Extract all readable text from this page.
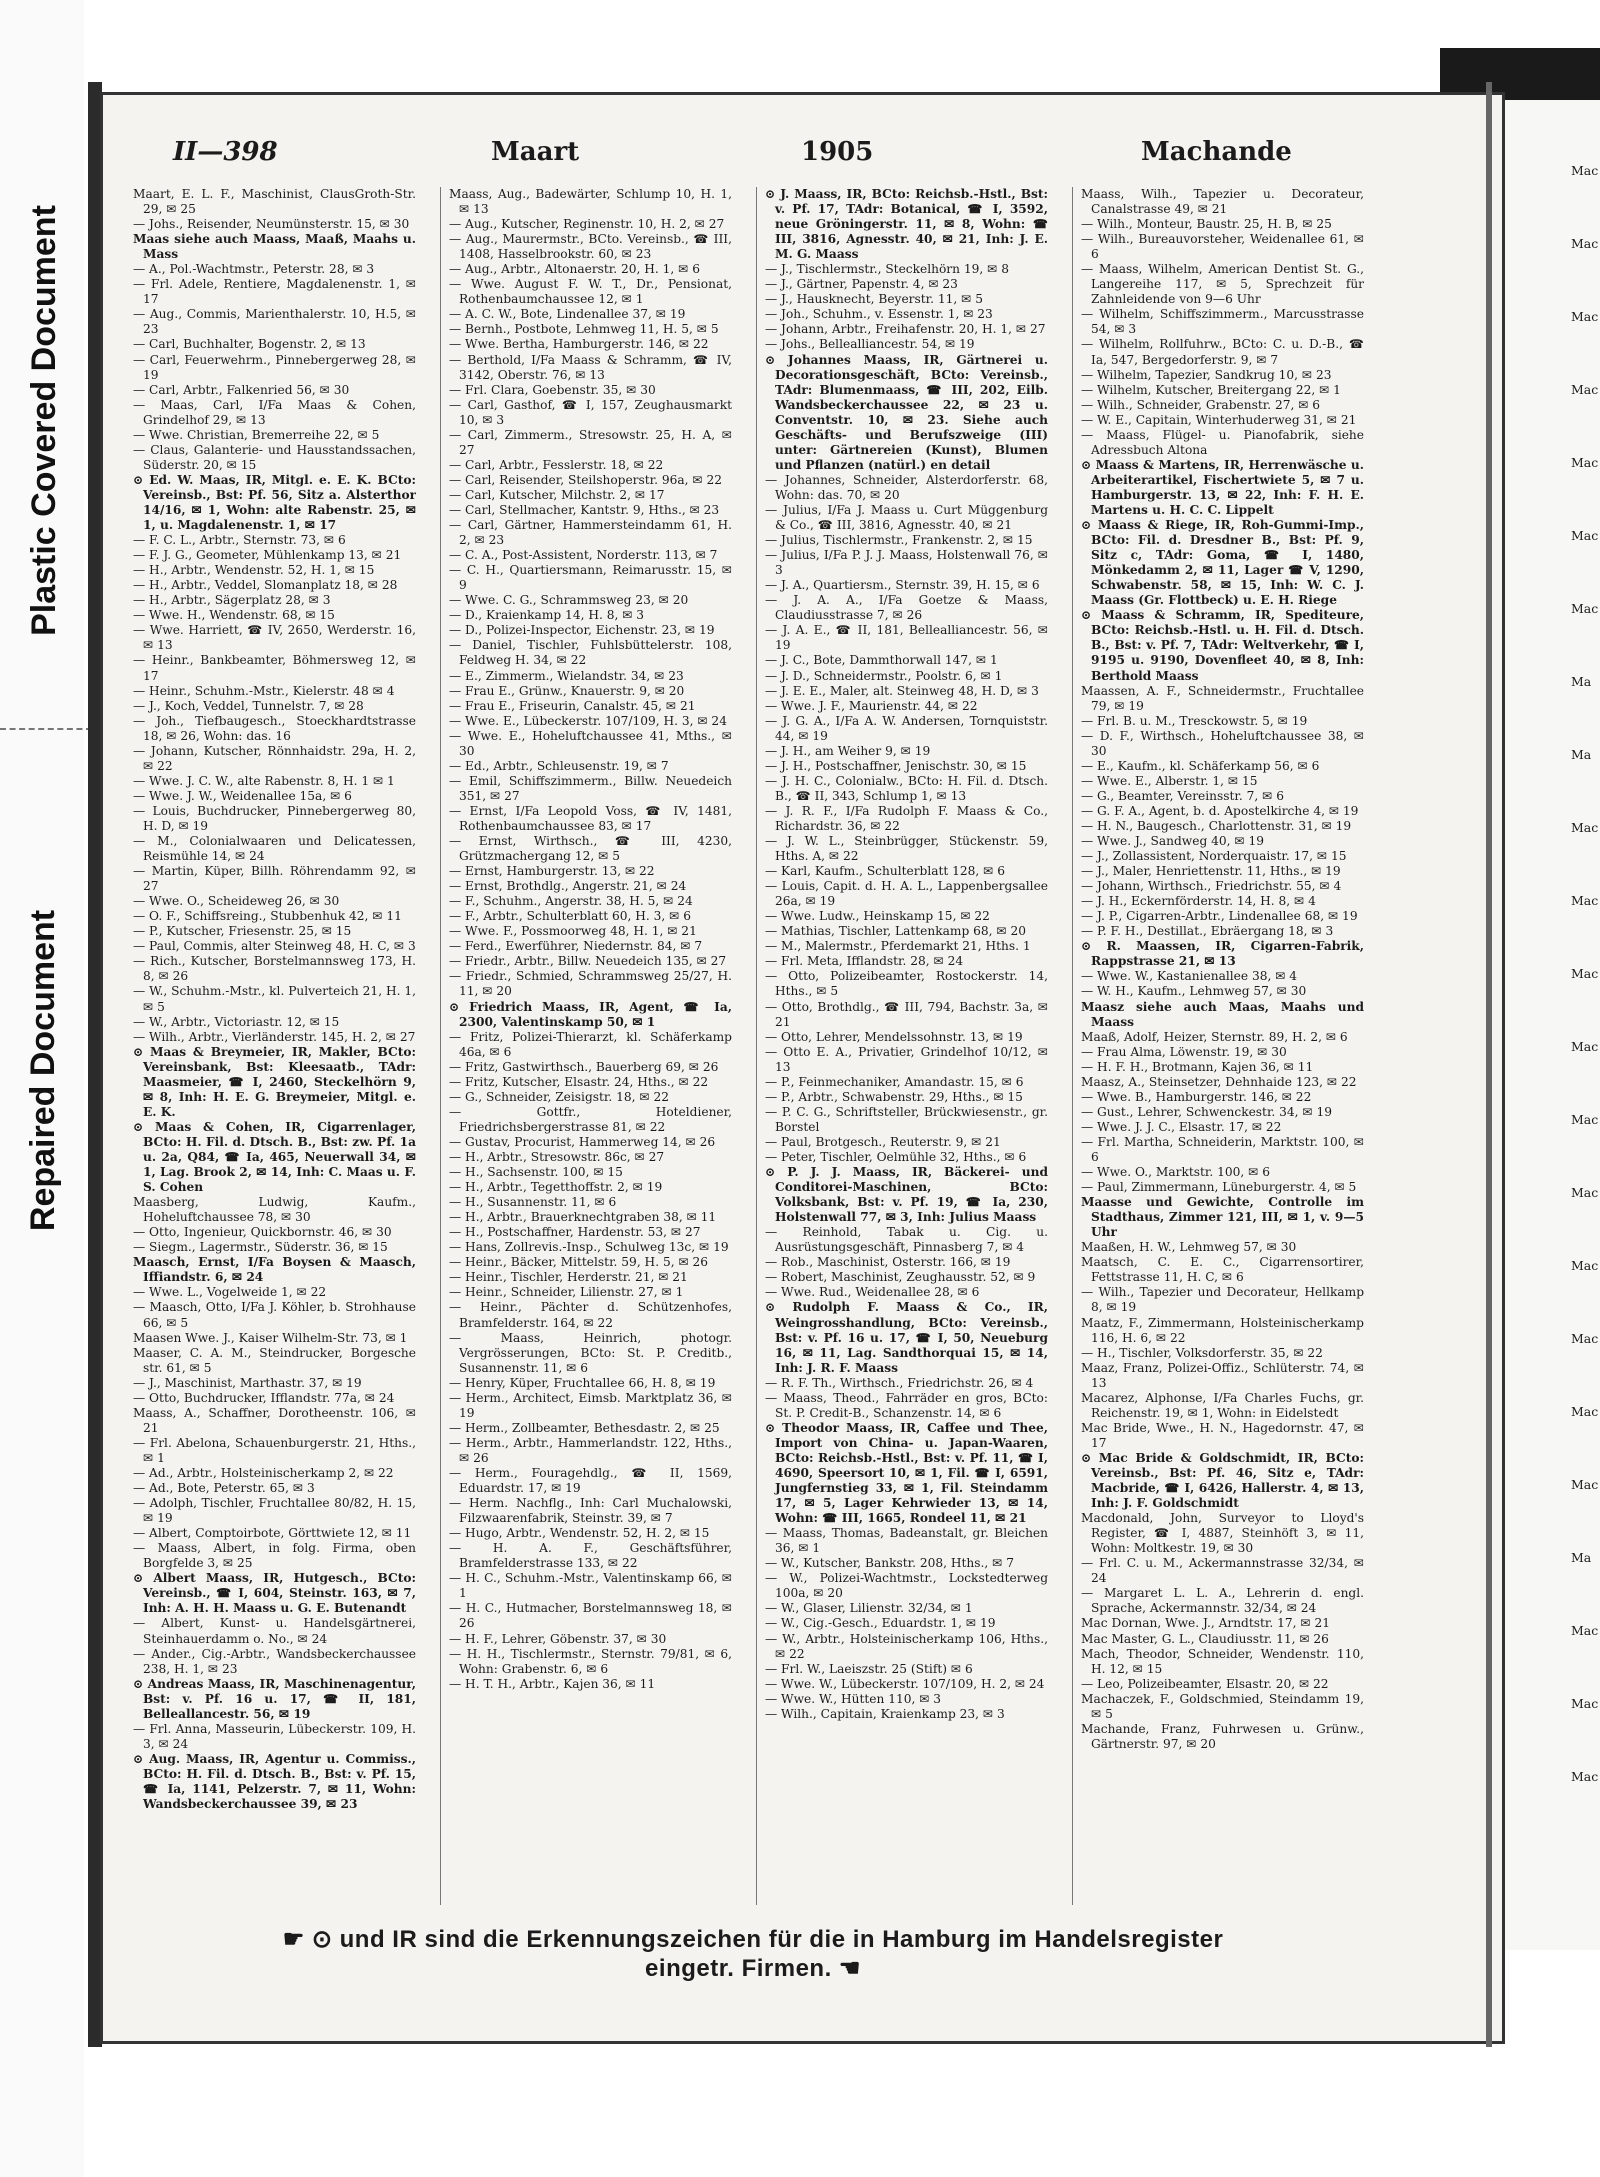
Plastic Covered Document
Repaired Document
II—398	Maart	1905	Machande

Maart, E. L. F., Maschinist, ClausGroth-Str. 29, ✉ 25

— Johs., Reisender, Neumünsterstr. 15, ✉ 30

Maas siehe auch Maass, Maaß, Maahs u. Mass

— A., Pol.-Wachtmstr., Peterstr. 28, ✉ 3

— Frl. Adele, Rentiere, Magdalenenstr. 1, ✉ 17

— Aug., Commis, Marienthalerstr. 10, H.5, ✉ 23

— Carl, Buchhalter, Bogenstr. 2, ✉ 13

— Carl, Feuerwehrm., Pinnebergerweg 28, ✉ 19

— Carl, Arbtr., Falkenried 56, ✉ 30

— Maas, Carl, I/Fa Maas & Cohen, Grindelhof 29, ✉ 13

— Wwe. Christian, Bremerreihe 22, ✉ 5

— Claus, Galanterie- und Hausstandssachen, Süderstr. 20, ✉ 15

⊙ Ed. W. Maas, IR, Mitgl. e. E. K. BCto: Vereinsb., Bst: Pf. 56, Sitz a. Alsterthor 14/16, ✉ 1, Wohn: alte Rabenstr. 25, ✉ 1, u. Magdalenenstr. 1, ✉ 17

— F. C. L., Arbtr., Sternstr. 73, ✉ 6

— F. J. G., Geometer, Mühlenkamp 13, ✉ 21

— H., Arbtr., Wendenstr. 52, H. 1, ✉ 15

— H., Arbtr., Veddel, Slomanplatz 18, ✉ 28

— H., Arbtr., Sägerplatz 28, ✉ 3

— Wwe. H., Wendenstr. 68, ✉ 15

— Wwe. Harriett, ☎ IV, 2650, Werderstr. 16, ✉ 13

— Heinr., Bankbeamter, Böhmersweg 12, ✉ 17

— Heinr., Schuhm.-Mstr., Kielerstr. 48 ✉ 4

— J., Koch, Veddel, Tunnelstr. 7, ✉ 28

— Joh., Tiefbaugesch., Stoeckhardtstrasse 18, ✉ 26, Wohn: das. 16

— Johann, Kutscher, Rönnhaidstr. 29a, H. 2, ✉ 22

— Wwe. J. C. W., alte Rabenstr. 8, H. 1 ✉ 1

— Wwe. J. W., Weidenallee 15a, ✉ 6

— Louis, Buchdrucker, Pinnebergerweg 80, H. D, ✉ 19

— M., Colonialwaaren und Delicatessen, Reismühle 14, ✉ 24

— Martin, Küper, Billh. Röhrendamm 92, ✉ 27

— Wwe. O., Scheideweg 26, ✉ 30

— O. F., Schiffsreing., Stubbenhuk 42, ✉ 11

— P., Kutscher, Friesenstr. 25, ✉ 15

— Paul, Commis, alter Steinweg 48, H. C, ✉ 3

— Rich., Kutscher, Borstelmannsweg 173, H. 8, ✉ 26

— W., Schuhm.-Mstr., kl. Pulverteich 21, H. 1, ✉ 5

— W., Arbtr., Victoriastr. 12, ✉ 15

— Wilh., Arbtr., Vierländerstr. 145, H. 2, ✉ 27

⊙ Maas & Breymeier, IR, Makler, BCto: Vereinsbank, Bst: Kleesaatb., TAdr: Maasmeier, ☎ I, 2460, Steckelhörn 9, ✉ 8, Inh: H. E. G. Breymeier, Mitgl. e. E. K.

⊙ Maas & Cohen, IR, Cigarrenlager, BCto: H. Fil. d. Dtsch. B., Bst: zw. Pf. 1a u. 2a, Q84, ☎ Ia, 465, Neuerwall 34, ✉ 1, Lag. Brook 2, ✉ 14, Inh: C. Maas u. F. S. Cohen

Maasberg, Ludwig, Kaufm., Hoheluftchaussee 78, ✉ 30

— Otto, Ingenieur, Quickbornstr. 46, ✉ 30

— Siegm., Lagermstr., Süderstr. 36, ✉ 15

Maasch, Ernst, I/Fa Boysen & Maasch, Iffiandstr. 6, ✉ 24

— Wwe. L., Vogelweide 1, ✉ 22

— Maasch, Otto, I/Fa J. Köhler, b. Strohhause 66, ✉ 5

Maasen Wwe. J., Kaiser Wilhelm-Str. 73, ✉ 1

Maaser, C. A. M., Steindrucker, Borgesche str. 61, ✉ 5

— J., Maschinist, Marthastr. 37, ✉ 19

— Otto, Buchdrucker, Ifflandstr. 77a, ✉ 24

Maass, A., Schaffner, Dorotheenstr. 106, ✉ 21

— Frl. Abelona, Schauenburgerstr. 21, Hths., ✉ 1

— Ad., Arbtr., Holsteinischerkamp 2, ✉ 22

— Ad., Bote, Peterstr. 65, ✉ 3

— Adolph, Tischler, Fruchtallee 80/82, H. 15, ✉ 19

— Albert, Comptoirbote, Görttwiete 12, ✉ 11

— Maass, Albert, in folg. Firma, oben Borgfelde 3, ✉ 25

⊙ Albert Maass, IR, Hutgesch., BCto: Vereinsb., ☎ I, 604, Steinstr. 163, ✉ 7, Inh: A. H. H. Maass u. G. E. Butenandt

— Albert, Kunst- u. Handelsgärtnerei, Steinhauerdamm o. No., ✉ 24

— Ander., Cig.-Arbtr., Wandsbeckerchaussee 238, H. 1, ✉ 23

⊙ Andreas Maass, IR, Maschinenagentur, Bst: v. Pf. 16 u. 17, ☎ II, 181, Belleallancestr. 56, ✉ 19

— Frl. Anna, Masseurin, Lübeckerstr. 109, H. 3, ✉ 24

⊙ Aug. Maass, IR, Agentur u. Commiss., BCto: H. Fil. d. Dtsch. B., Bst: v. Pf. 15, ☎ Ia, 1141, Pelzerstr. 7, ✉ 11, Wohn: Wandsbeckerchaussee 39, ✉ 23

Maass, Aug., Badewärter, Schlump 10, H. 1, ✉ 13

— Aug., Kutscher, Reginenstr. 10, H. 2, ✉ 27

— Aug., Maurermstr., BCto. Vereinsb., ☎ III, 1408, Hasselbrookstr. 60, ✉ 23

— Aug., Arbtr., Altonaerstr. 20, H. 1, ✉ 6

— Wwe. August F. W. T., Dr., Pensionat, Rothenbaumchaussee 12, ✉ 1

— A. C. W., Bote, Lindenallee 37, ✉ 19

— Bernh., Postbote, Lehmweg 11, H. 5, ✉ 5

— Wwe. Bertha, Hamburgerstr. 146, ✉ 22

— Berthold, I/Fa Maass & Schramm, ☎ IV, 3142, Oberstr. 76, ✉ 13

— Frl. Clara, Goebenstr. 35, ✉ 30

— Carl, Gasthof, ☎ I, 157, Zeughausmarkt 10, ✉ 3

— Carl, Zimmerm., Stresowstr. 25, H. A, ✉ 27

— Carl, Arbtr., Fesslerstr. 18, ✉ 22

— Carl, Reisender, Steilshoperstr. 96a, ✉ 22

— Carl, Kutscher, Milchstr. 2, ✉ 17

— Carl, Stellmacher, Kantstr. 9, Hths., ✉ 23

— Carl, Gärtner, Hammersteindamm 61, H. 2, ✉ 23

— C. A., Post-Assistent, Norderstr. 113, ✉ 7

— C. H., Quartiersmann, Reimarusstr. 15, ✉ 9

— Wwe. C. G., Schrammsweg 23, ✉ 20

— D., Kraienkamp 14, H. 8, ✉ 3

— D., Polizei-Inspector, Eichenstr. 23, ✉ 19

— Daniel, Tischler, Fuhlsbüttelerstr. 108, Feldweg H. 34, ✉ 22

— E., Zimmerm., Wielandstr. 34, ✉ 23

— Frau E., Grünw., Knauerstr. 9, ✉ 20

— Frau E., Friseurin, Canalstr. 45, ✉ 21

— Wwe. E., Lübeckerstr. 107/109, H. 3, ✉ 24

— Wwe. E., Hoheluftchaussee 41, Mths., ✉ 30

— Ed., Arbtr., Schleusenstr. 19, ✉ 7

— Emil, Schiffszimmerm., Billw. Neuedeich 351, ✉ 27

— Ernst, I/Fa Leopold Voss, ☎ IV, 1481, Rothenbaumchaussee 83, ✉ 17

— Ernst, Wirthsch., ☎ III, 4230, Grützmachergang 12, ✉ 5

— Ernst, Hamburgerstr. 13, ✉ 22

— Ernst, Brothdlg., Angerstr. 21, ✉ 24

— F., Schuhm., Angerstr. 38, H. 5, ✉ 24

— F., Arbtr., Schulterblatt 60, H. 3, ✉ 6

— Wwe. F., Possmoorweg 48, H. 1, ✉ 21

— Ferd., Ewerführer, Niedernstr. 84, ✉ 7

— Friedr., Arbtr., Billw. Neuedeich 135, ✉ 27

— Friedr., Schmied, Schrammsweg 25/27, H. 11, ✉ 20

⊙ Friedrich Maass, IR, Agent, ☎ Ia, 2300, Valentinskamp 50, ✉ 1

— Fritz, Polizei-Thierarzt, kl. Schäferkamp 46a, ✉ 6

— Fritz, Gastwirthsch., Bauerberg 69, ✉ 26

— Fritz, Kutscher, Elsastr. 24, Hths., ✉ 22

— G., Schneider, Zeisigstr. 18, ✉ 22

— Gottfr., Hoteldiener, Friedrichsbergerstrasse 81, ✉ 22

— Gustav, Procurist, Hammerweg 14, ✉ 26

— H., Arbtr., Stresowstr. 86c, ✉ 27

— H., Sachsenstr. 100, ✉ 15

— H., Arbtr., Tegetthoffstr. 2, ✉ 19

— H., Susannenstr. 11, ✉ 6

— H., Arbtr., Brauerknechtgraben 38, ✉ 11

— H., Postschaffner, Hardenstr. 53, ✉ 27

— Hans, Zollrevis.-Insp., Schulweg 13c, ✉ 19

— Heinr., Bäcker, Mittelstr. 59, H. 5, ✉ 26

— Heinr., Tischler, Herderstr. 21, ✉ 21

— Heinr., Schneider, Lilienstr. 27, ✉ 1

— Heinr., Pächter d. Schützenhofes, Bramfelderstr. 164, ✉ 22

— Maass, Heinrich, photogr. Vergrösserungen, BCto: St. P. Creditb., Susannenstr. 11, ✉ 6

— Henry, Küper, Fruchtallee 66, H. 8, ✉ 19

— Herm., Architect, Eimsb. Marktplatz 36, ✉ 19

— Herm., Zollbeamter, Bethesdastr. 2, ✉ 25

— Herm., Arbtr., Hammerlandstr. 122, Hths., ✉ 26

— Herm., Fouragehdlg., ☎ II, 1569, Eduardstr. 17, ✉ 19

— Herm. Nachflg., Inh: Carl Muchalowski, Filzwaarenfabrik, Steinstr. 39, ✉ 7

— Hugo, Arbtr., Wendenstr. 52, H. 2, ✉ 15

— H. A. F., Geschäftsführer, Bramfelderstrasse 133, ✉ 22

— H. C., Schuhm.-Mstr., Valentinskamp 66, ✉ 1

— H. C., Hutmacher, Borstelmannsweg 18, ✉ 26

— H. F., Lehrer, Göbenstr. 37, ✉ 30

— H. H., Tischlermstr., Sternstr. 79/81, ✉ 6, Wohn: Grabenstr. 6, ✉ 6

— H. T. H., Arbtr., Kajen 36, ✉ 11

⊙ J. Maass, IR, BCto: Reichsb.-Hstl., Bst: v. Pf. 17, TAdr: Botanical, ☎ I, 3592, neue Gröningerstr. 11, ✉ 8, Wohn: ☎ III, 3816, Agnesstr. 40, ✉ 21, Inh: J. E. M. G. Maass

— J., Tischlermstr., Steckelhörn 19, ✉ 8

— J., Gärtner, Papenstr. 4, ✉ 23

— J., Hausknecht, Beyerstr. 11, ✉ 5

— Joh., Schuhm., v. Essenstr. 1, ✉ 23

— Johann, Arbtr., Freihafenstr. 20, H. 1, ✉ 27

— Johs., Bellealliancestr. 54, ✉ 19

⊙ Johannes Maass, IR, Gärtnerei u. Decorationsgeschäft, BCto: Vereinsb., TAdr: Blumenmaass, ☎ III, 202, Eilb. Wandsbeckerchaussee 22, ✉ 23 u. Conventstr. 10, ✉ 23. Siehe auch Geschäfts- und Berufszweige (III) unter: Gärtnereien (Kunst), Blumen und Pflanzen (natürl.) en detail

— Johannes, Schneider, Alsterdorferstr. 68, Wohn: das. 70, ✉ 20

— Julius, I/Fa J. Maass u. Curt Müggenburg & Co., ☎ III, 3816, Agnesstr. 40, ✉ 21

— Julius, Tischlermstr., Frankenstr. 2, ✉ 15

— Julius, I/Fa P. J. J. Maass, Holstenwall 76, ✉ 3

— J. A., Quartiersm., Sternstr. 39, H. 15, ✉ 6

— J. A. A., I/Fa Goetze & Maass, Claudiusstrasse 7, ✉ 26

— J. A. E., ☎ II, 181, Bellealliancestr. 56, ✉ 19

— J. C., Bote, Dammthorwall 147, ✉ 1

— J. D., Schneidermstr., Poolstr. 6, ✉ 1

— J. E. E., Maler, alt. Steinweg 48, H. D, ✉ 3

— Wwe. J. F., Maurienstr. 44, ✉ 22

— J. G. A., I/Fa A. W. Andersen, Tornquiststr. 44, ✉ 19

— J. H., am Weiher 9, ✉ 19

— J. H., Postschaffner, Jenischstr. 30, ✉ 15

— J. H. C., Colonialw., BCto: H. Fil. d. Dtsch. B., ☎ II, 343, Schlump 1, ✉ 13

— J. R. F., I/Fa Rudolph F. Maass & Co., Richardstr. 36, ✉ 22

— J. W. L., Steinbrügger, Stückenstr. 59, Hths. A, ✉ 22

— Karl, Kaufm., Schulterblatt 128, ✉ 6

— Louis, Capit. d. H. A. L., Lappenbergsallee 26a, ✉ 19

— Wwe. Ludw., Heinskamp 15, ✉ 22

— Mathias, Tischler, Lattenkamp 68, ✉ 20

— M., Malermstr., Pferdemarkt 21, Hths. 1

— Frl. Meta, Ifflandstr. 28, ✉ 24

— Otto, Polizeibeamter, Rostockerstr. 14, Hths., ✉ 5

— Otto, Brothdlg., ☎ III, 794, Bachstr. 3a, ✉ 21

— Otto, Lehrer, Mendelssohnstr. 13, ✉ 19

— Otto E. A., Privatier, Grindelhof 10/12, ✉ 13

— P., Feinmechaniker, Amandastr. 15, ✉ 6

— P., Arbtr., Schwabenstr. 29, Hths., ✉ 15

— P. C. G., Schriftsteller, Brückwiesenstr., gr. Borstel

— Paul, Brotgesch., Reuterstr. 9, ✉ 21

— Peter, Tischler, Oelmühle 32, Hths., ✉ 6

⊙ P. J. J. Maass, IR, Bäckerei- und Conditorei-Maschinen, BCto: Volksbank, Bst: v. Pf. 19, ☎ Ia, 230, Holstenwall 77, ✉ 3, Inh: Julius Maass

— Reinhold, Tabak u. Cig. u. Ausrüstungsgeschäft, Pinnasberg 7, ✉ 4

— Rob., Maschinist, Osterstr. 166, ✉ 19

— Robert, Maschinist, Zeughausstr. 52, ✉ 9

— Wwe. Rud., Weidenallee 28, ✉ 6

⊙ Rudolph F. Maass & Co., IR, Weingrosshandlung, BCto: Vereinsb., Bst: v. Pf. 16 u. 17, ☎ I, 50, Neueburg 16, ✉ 11, Lag. Sandthorquai 15, ✉ 14, Inh: J. R. F. Maass

— R. F. Th., Wirthsch., Friedrichstr. 26, ✉ 4

— Maass, Theod., Fahrräder en gros, BCto: St. P. Credit-B., Schanzenstr. 14, ✉ 6

⊙ Theodor Maass, IR, Caffee und Thee, Import von China- u. Japan-Waaren, BCto: Reichsb.-Hstl., Bst: v. Pf. 11, ☎ I, 4690, Speersort 10, ✉ 1, Fil. ☎ I, 6591, Jungfernstieg 33, ✉ 1, Fil. Steindamm 17, ✉ 5, Lager Kehrwieder 13, ✉ 14, Wohn: ☎ III, 1665, Rondeel 11, ✉ 21

— Maass, Thomas, Badeanstalt, gr. Bleichen 36, ✉ 1

— W., Kutscher, Bankstr. 208, Hths., ✉ 7

— W., Polizei-Wachtmstr., Lockstedterweg 100a, ✉ 20

— W., Glaser, Lilienstr. 32/34, ✉ 1

— W., Cig.-Gesch., Eduardstr. 1, ✉ 19

— W., Arbtr., Holsteinischerkamp 106, Hths., ✉ 22

— Frl. W., Laeiszstr. 25 (Stift) ✉ 6

— Wwe. W., Lübeckerstr. 107/109, H. 2, ✉ 24

— Wwe. W., Hütten 110, ✉ 3

— Wilh., Capitain, Kraienkamp 23, ✉ 3

Maass, Wilh., Tapezier u. Decorateur, Canalstrasse 49, ✉ 21

— Wilh., Monteur, Baustr. 25, H. B, ✉ 25

— Wilh., Bureauvorsteher, Weidenallee 61, ✉ 6

— Maass, Wilhelm, American Dentist St. G., Langereihe 117, ✉ 5, Sprechzeit für Zahnleidende von 9—6 Uhr

— Wilhelm, Schiffszimmerm., Marcusstrasse 54, ✉ 3

— Wilhelm, Rollfuhrw., BCto: C. u. D.-B., ☎ Ia, 547, Bergedorferstr. 9, ✉ 7

— Wilhelm, Tapezier, Sandkrug 10, ✉ 23

— Wilhelm, Kutscher, Breitergang 22, ✉ 1

— Wilh., Schneider, Grabenstr. 27, ✉ 6

— W. E., Capitain, Winterhuderweg 31, ✉ 21

— Maass, Flügel- u. Pianofabrik, siehe Adressbuch Altona

⊙ Maass & Martens, IR, Herrenwäsche u. Arbeiterartikel, Fischertwiete 5, ✉ 7 u. Hamburgerstr. 13, ✉ 22, Inh: F. H. E. Martens u. H. C. C. Lippelt

⊙ Maass & Riege, IR, Roh-Gummi-Imp., BCto: Fil. d. Dresdner B., Bst: Pf. 9, Sitz c, TAdr: Goma, ☎ I, 1480, Mönkedamm 2, ✉ 11, Lager ☎ V, 1290, Schwabenstr. 58, ✉ 15, Inh: W. C. J. Maass (Gr. Flottbeck) u. E. H. Riege

⊙ Maass & Schramm, IR, Spediteure, BCto: Reichsb.-Hstl. u. H. Fil. d. Dtsch. B., Bst: v. Pf. 7, TAdr: Weltverkehr, ☎ I, 9195 u. 9190, Dovenfleet 40, ✉ 8, Inh: Berthold Maass

Maassen, A. F., Schneidermstr., Fruchtallee 79, ✉ 19

— Frl. B. u. M., Tresckowstr. 5, ✉ 19

— D. F., Wirthsch., Hoheluftchaussee 38, ✉ 30

— E., Kaufm., kl. Schäferkamp 56, ✉ 6

— Wwe. E., Alberstr. 1, ✉ 15

— G., Beamter, Vereinsstr. 7, ✉ 6

— G. F. A., Agent, b. d. Apostelkirche 4, ✉ 19

— H. N., Baugesch., Charlottenstr. 31, ✉ 19

— Wwe. J., Sandweg 40, ✉ 19

— J., Zollassistent, Norderquaistr. 17, ✉ 15

— J., Maler, Henriettenstr. 11, Hths., ✉ 19

— Johann, Wirthsch., Friedrichstr. 55, ✉ 4

— J. H., Eckernförderstr. 14, H. 8, ✉ 4

— J. P., Cigarren-Arbtr., Lindenallee 68, ✉ 19

— P. F. H., Destillat., Ebräergang 18, ✉ 3

⊙ R. Maassen, IR, Cigarren-Fabrik, Rappstrasse 21, ✉ 13

— Wwe. W., Kastanienallee 38, ✉ 4

— W. H., Kaufm., Lehmweg 57, ✉ 30

Maasz siehe auch Maas, Maahs und Maass

Maaß, Adolf, Heizer, Sternstr. 89, H. 2, ✉ 6

— Frau Alma, Löwenstr. 19, ✉ 30

— H. F. H., Brotmann, Kajen 36, ✉ 11

Maasz, A., Steinsetzer, Dehnhaide 123, ✉ 22

— Wwe. B., Hamburgerstr. 146, ✉ 22

— Gust., Lehrer, Schwenckestr. 34, ✉ 19

— Wwe. J. J. C., Elsastr. 17, ✉ 22

— Frl. Martha, Schneiderin, Marktstr. 100, ✉ 6

— Wwe. O., Marktstr. 100, ✉ 6

— Paul, Zimmermann, Lüneburgerstr. 4, ✉ 5

Maasse und Gewichte, Controlle im Stadthaus, Zimmer 121, III, ✉ 1, v. 9—5 Uhr

Maaßen, H. W., Lehmweg 57, ✉ 30

Maatsch, C. E. C., Cigarrensortirer, Fettstrasse 11, H. C, ✉ 6

— Wilh., Tapezier und Decorateur, Hellkamp 8, ✉ 19

Maatz, F., Zimmermann, Holsteinischerkamp 116, H. 6, ✉ 22

— H., Tischler, Volksdorferstr. 35, ✉ 22

Maaz, Franz, Polizei-Offiz., Schlüterstr. 74, ✉ 13

Macarez, Alphonse, I/Fa Charles Fuchs, gr. Reichenstr. 19, ✉ 1, Wohn: in Eidelstedt

Mac Bride, Wwe., H. N., Hagedornstr. 47, ✉ 17

⊙ Mac Bride & Goldschmidt, IR, BCto: Vereinsb., Bst: Pf. 46, Sitz e, TAdr: Macbride, ☎ I, 6426, Hallerstr. 4, ✉ 13, Inh: J. F. Goldschmidt

Macdonald, John, Surveyor to Lloyd's Register, ☎ I, 4887, Steinhöft 3, ✉ 11, Wohn: Moltkestr. 19, ✉ 30

— Frl. C. u. M., Ackermannstrasse 32/34, ✉ 24

— Margaret L. L. A., Lehrerin d. engl. Sprache, Ackermannstr. 32/34, ✉ 24

Mac Dornan, Wwe. J., Arndtstr. 17, ✉ 21

Mac Master, G. L., Claudiusstr. 11, ✉ 26

Mach, Theodor, Schneider, Wendenstr. 110, H. 12, ✉ 15

— Leo, Polizeibeamter, Elsastr. 20, ✉ 22

Machaczek, F., Goldschmied, Steindamm 19, ✉ 5

Machande, Franz, Fuhrwesen u. Grünw., Gärtnerstr. 97, ✉ 20

☛ ⊙ und IR sind die Erkennungszeichen für die in Hamburg im Handelsregister eingetr. Firmen. ☚
Mac
Mac
Mac
Mac
Mac
Mac
Mac
Ma
Ma
Mac
Mac
Mac
Mac
Mac
Mac
Mac
Mac
Mac
Mac
Ma
Mac
Mac
Mac
